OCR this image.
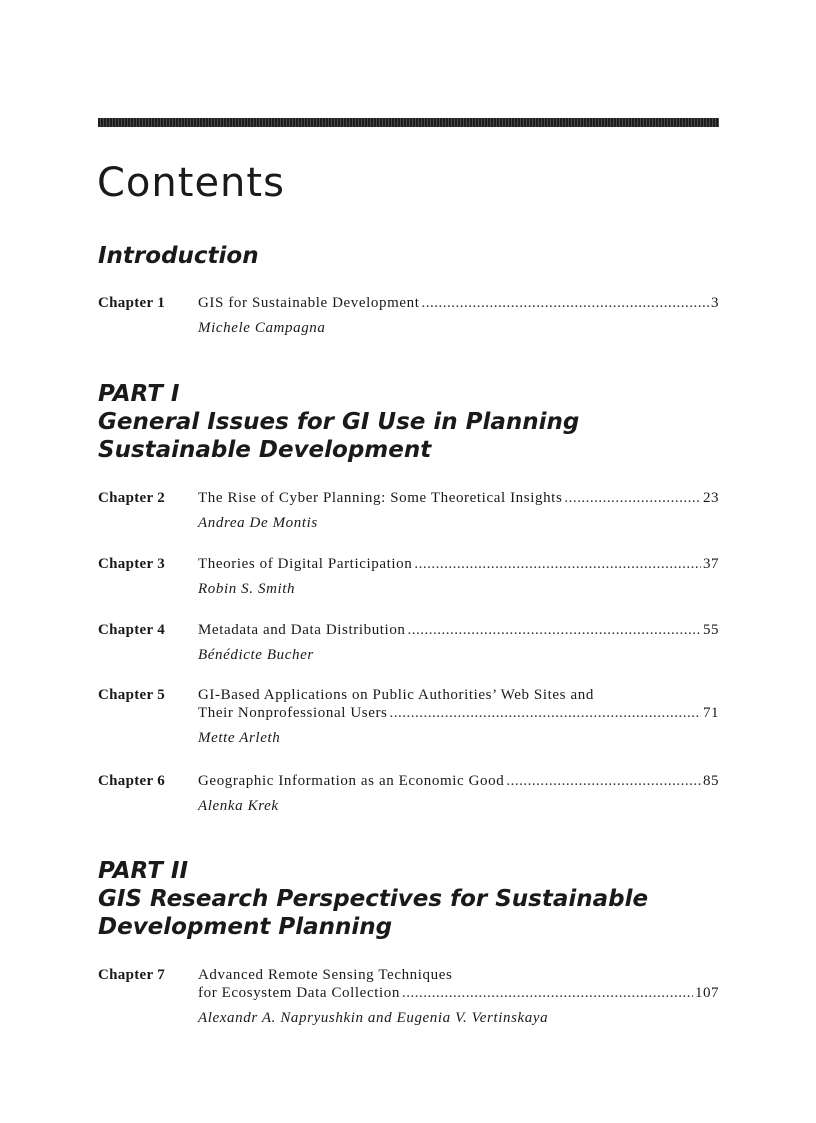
Contents
Introduction
Chapter 1 GIS for Sustainable Development .....	3
Michele Campagna
PART I
General Issues for GI Use in Planning
Sustainable Development
Chapter 2 The Rise of Cyber Planning: Some Theoretical Insights .....	23
Andrea De Montis
Chapter 3 Theories of Digital Participation .....	37
Robin S. Smith
Chapter 4 Metadata and Data Distribution .....	55
Bénédicte Bucher
Chapter 5 GI-Based Applications on Public Authorities’ Web Sites and
Their Nonprofessional Users .....	71
Mette Arleth
Chapter 6 Geographic Information as an Economic Good .....	85
Alenka Krek
PART II
GIS Research Perspectives for Sustainable
Development Planning
Chapter 7 Advanced Remote Sensing Techniques
for Ecosystem Data Collection .....	107
Alexandr A. Napryushkin and Eugenia V. Vertinskaya
